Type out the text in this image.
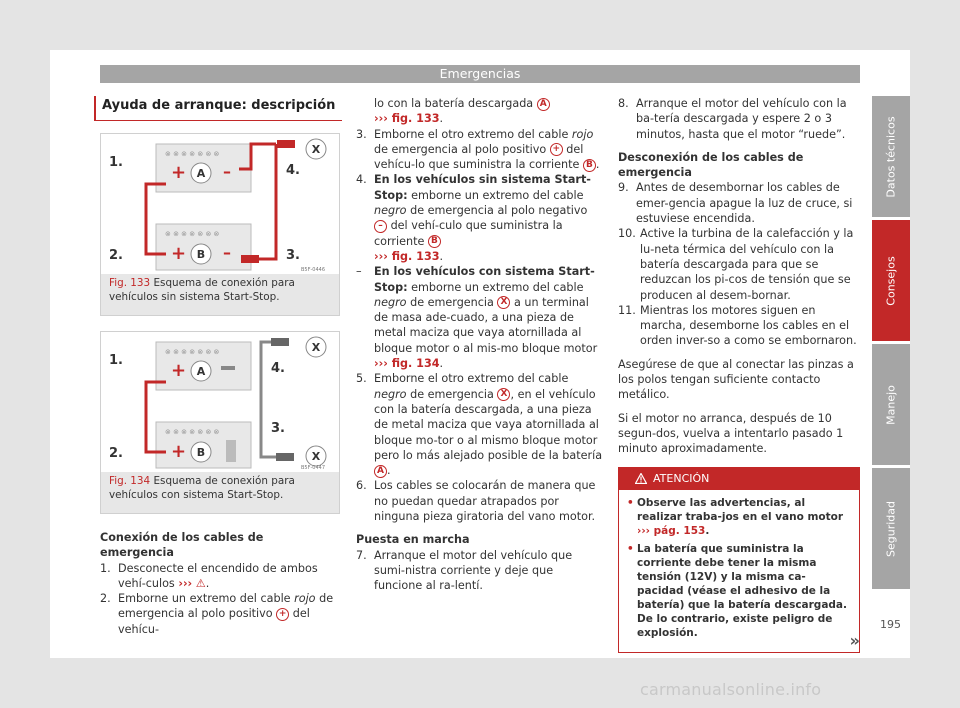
Emergencias
Ayuda de arranque: descripción
⊗ ⊗ ⊗ ⊗ ⊗ ⊗ ⊗
A
+ –
⊗ ⊗ ⊗ ⊗ ⊗ ⊗ ⊗
B
+ –
X
1.
2.	3.
4.
B5F-0446
Fig. 133 Esquema de conexión para vehículos sin sistema Start-Stop.
⊗ ⊗ ⊗ ⊗ ⊗ ⊗ ⊗
A
+
⊗ ⊗ ⊗ ⊗ ⊗ ⊗ ⊗
B
+
X
X
1.
2.
3.
4.
B5F-0447
Fig. 134 Esquema de conexión para vehículos con sistema Start-Stop.
Conexión de los cables de emergencia
1. Desconecte el encendido de ambos vehí-culos ››› ⚠.
2. Emborne un extremo del cable rojo de emergencia al polo positivo + del vehícu-
lo con la batería descargada A
››› fig. 133.
3. Emborne el otro extremo del cable rojo de emergencia al polo positivo + del vehícu-lo que suministra la corriente B .
4. En los vehículos sin sistema Start-Stop: emborne un extremo del cable negro de emergencia al polo negativo – del vehí-culo que suministra la corriente B
››› fig. 133.
–	En los vehículos con sistema Start-Stop: emborne un extremo del cable negro de emergencia X a un terminal de masa ade-cuado, a una pieza de metal maciza que vaya atornillada al bloque motor o al mis-mo bloque motor ››› fig. 134.
5. Emborne el otro extremo del cable negro de emergencia X , en el vehículo con la batería descargada, a una pieza de metal maciza que vaya atornillada al bloque mo-tor o al mismo bloque motor pero lo más alejado posible de la batería A .
6. Los cables se colocarán de manera que no puedan quedar atrapados por ninguna pieza giratoria del vano motor.
Puesta en marcha
7. Arranque el motor del vehículo que sumi-nistra corriente y deje que funcione al ra-lentí.
8. Arranque el motor del vehículo con la ba-tería descargada y espere 2 o 3 minutos, hasta que el motor “ruede”.
Desconexión de los cables de emergencia
9. Antes de desembornar los cables de emer-gencia apague la luz de cruce, si estuviese encendida.
10. Active la turbina de la calefacción y la lu-neta térmica del vehículo con la batería descargada para que se reduzcan los pi-cos de tensión que se producen al desem-bornar.
11. Mientras los motores siguen en marcha, desemborne los cables en el orden inver-so a como se embornaron.

Asegúrese de que al conectar las pinzas a los polos tengan suficiente contacto metálico.

Si el motor no arranca, después de 10 segun-dos, vuelva a intentarlo pasado 1 minuto aproximadamente.

ATENCIÓN
• Observe las advertencias, al realizar traba-jos en el vano motor ››› pág. 153.
• La batería que suministra la corriente debe tener la misma tensión (12V) y la misma ca-pacidad (véase el adhesivo de la batería) que la batería descargada. De lo contrario, existe peligro de explosión.	»
Datos técnicos
Consejos
Manejo
Seguridad
195
carmanualsonline.info
